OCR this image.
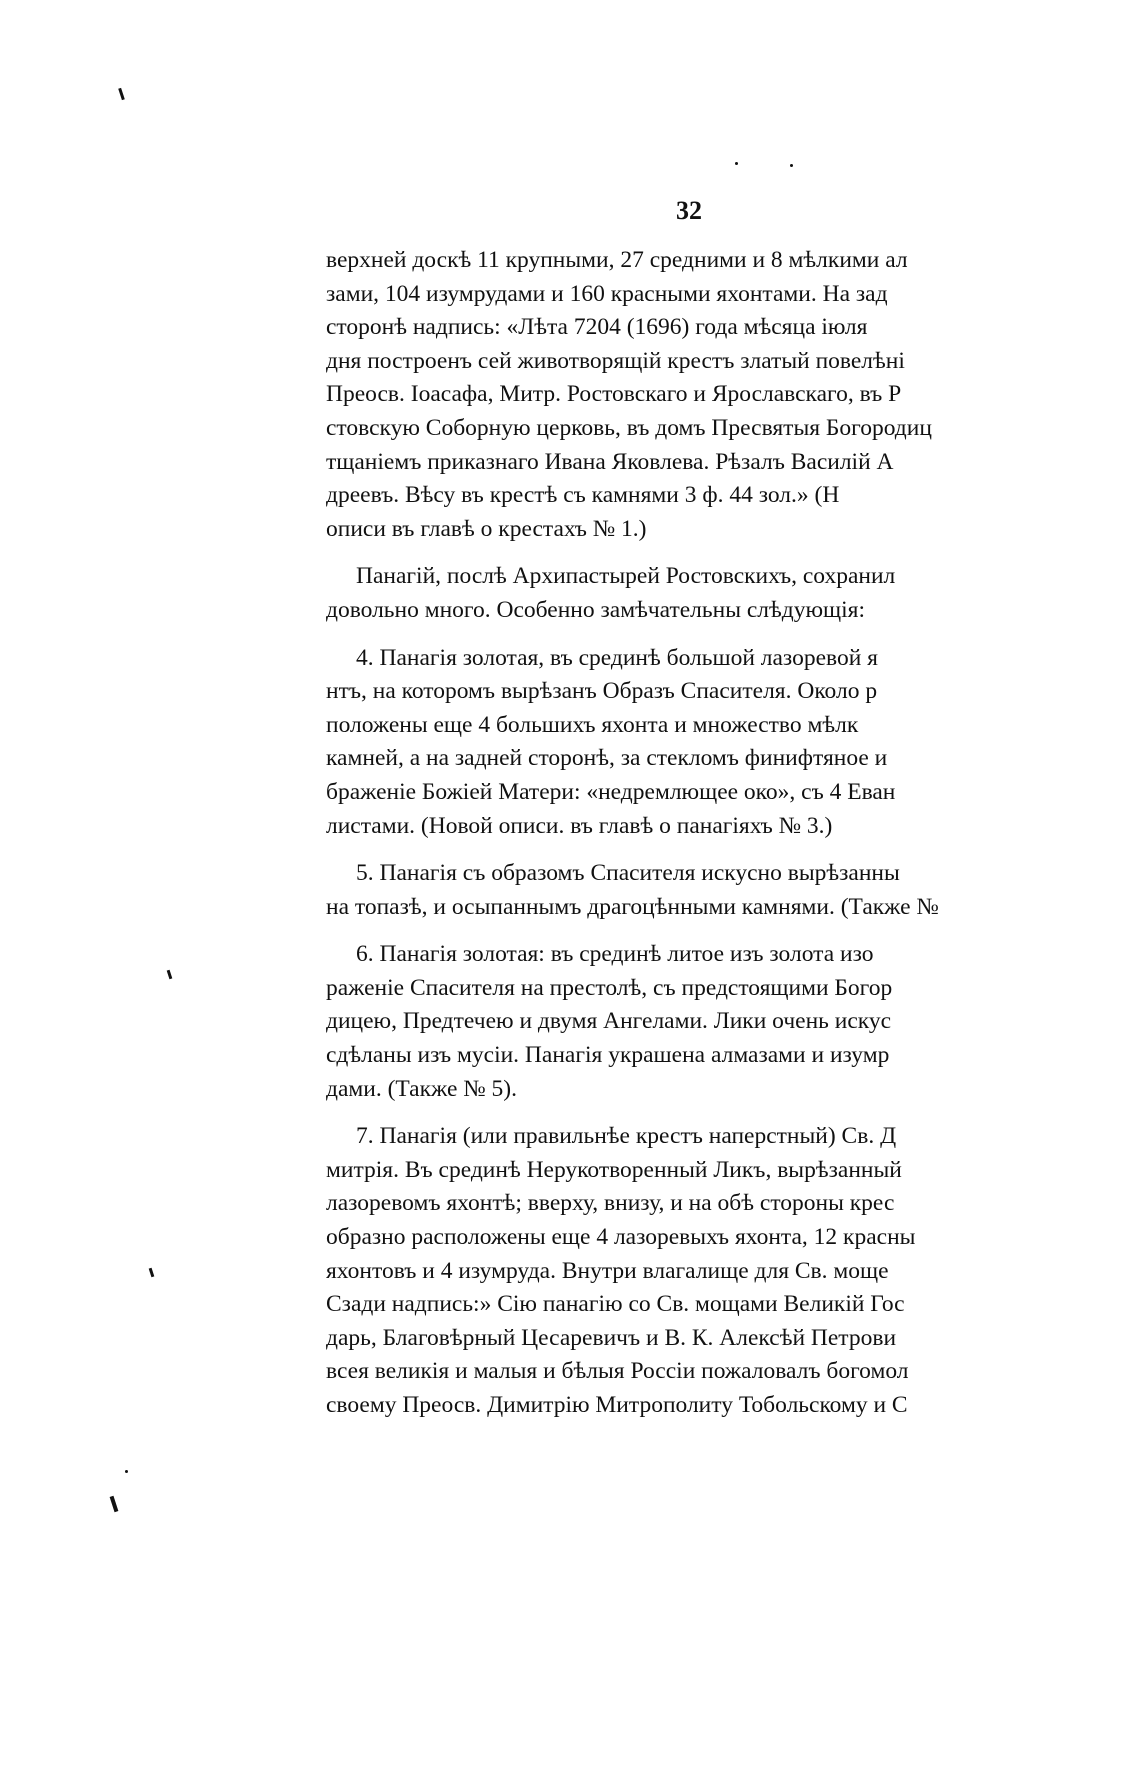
32

верхней доскѣ 11 крупными, 27 средними и 8 мѣлкими ал
зами, 104 изумрудами и 160 красными яхонтами. На зад
сторонѣ надпись: «Лѣта 7204 (1696) года мѣсяца іюля
дня построенъ сей животворящій крестъ златый повелѣні
Преосв. Іоасафа, Митр. Ростовскаго и Ярославскаго, въ Р
стовскую Соборную церковь, въ домъ Пресвятыя Богородиц
тщаніемъ приказнаго Ивана Яковлева. Рѣзалъ Василій А
дреевъ. Вѣсу въ крестѣ съ камнями 3 ф. 44 зол.» (Н
описи въ главѣ о крестахъ № 1.)

Панагій, послѣ Архипастырей Ростовскихъ, сохранил
довольно много. Особенно замѣчательны слѣдующія:

4. Панагія золотая, въ срединѣ большой лазоревой я
нтъ, на которомъ вырѣзанъ Образъ Спасителя. Около р
положены еще 4 большихъ яхонта и множество мѣлк
камней, а на задней сторонѣ, за стекломъ финифтяное и
браженіе Божіей Матери: «недремлющее око», съ 4 Еван
листами. (Новой описи. въ главѣ о панагіяхъ № 3.)

5. Панагія съ образомъ Спасителя искусно вырѣзанны
на топазѣ, и осыпаннымъ драгоцѣнными камнями. (Также №

6. Панагія золотая: въ срединѣ литое изъ золота изо
раженіе Спасителя на престолѣ, съ предстоящими Богор
дицею, Предтечею и двумя Ангелами. Лики очень искус
сдѣланы изъ мусіи. Панагія украшена алмазами и изумр
дами. (Также № 5).

7. Панагія (или правильнѣе крестъ наперстный) Св. Д
митрія. Въ срединѣ Нерукотворенный Ликъ, вырѣзанный
лазоревомъ яхонтѣ; вверху, внизу, и на обѣ стороны крес
образно расположены еще 4 лазоревыхъ яхонта, 12 красны
яхонтовъ и 4 изумруда. Внутри влагалище для Св. моще
Сзади надпись:» Сію панагію со Св. мощами Великій Гос
дарь, Благовѣрный Цесаревичъ и В. К. Алексѣй Петрови
всея великія и малыя и бѣлыя Россіи пожаловалъ богомол
своему Преосв. Димитрію Митрополиту Тобольскому и С
